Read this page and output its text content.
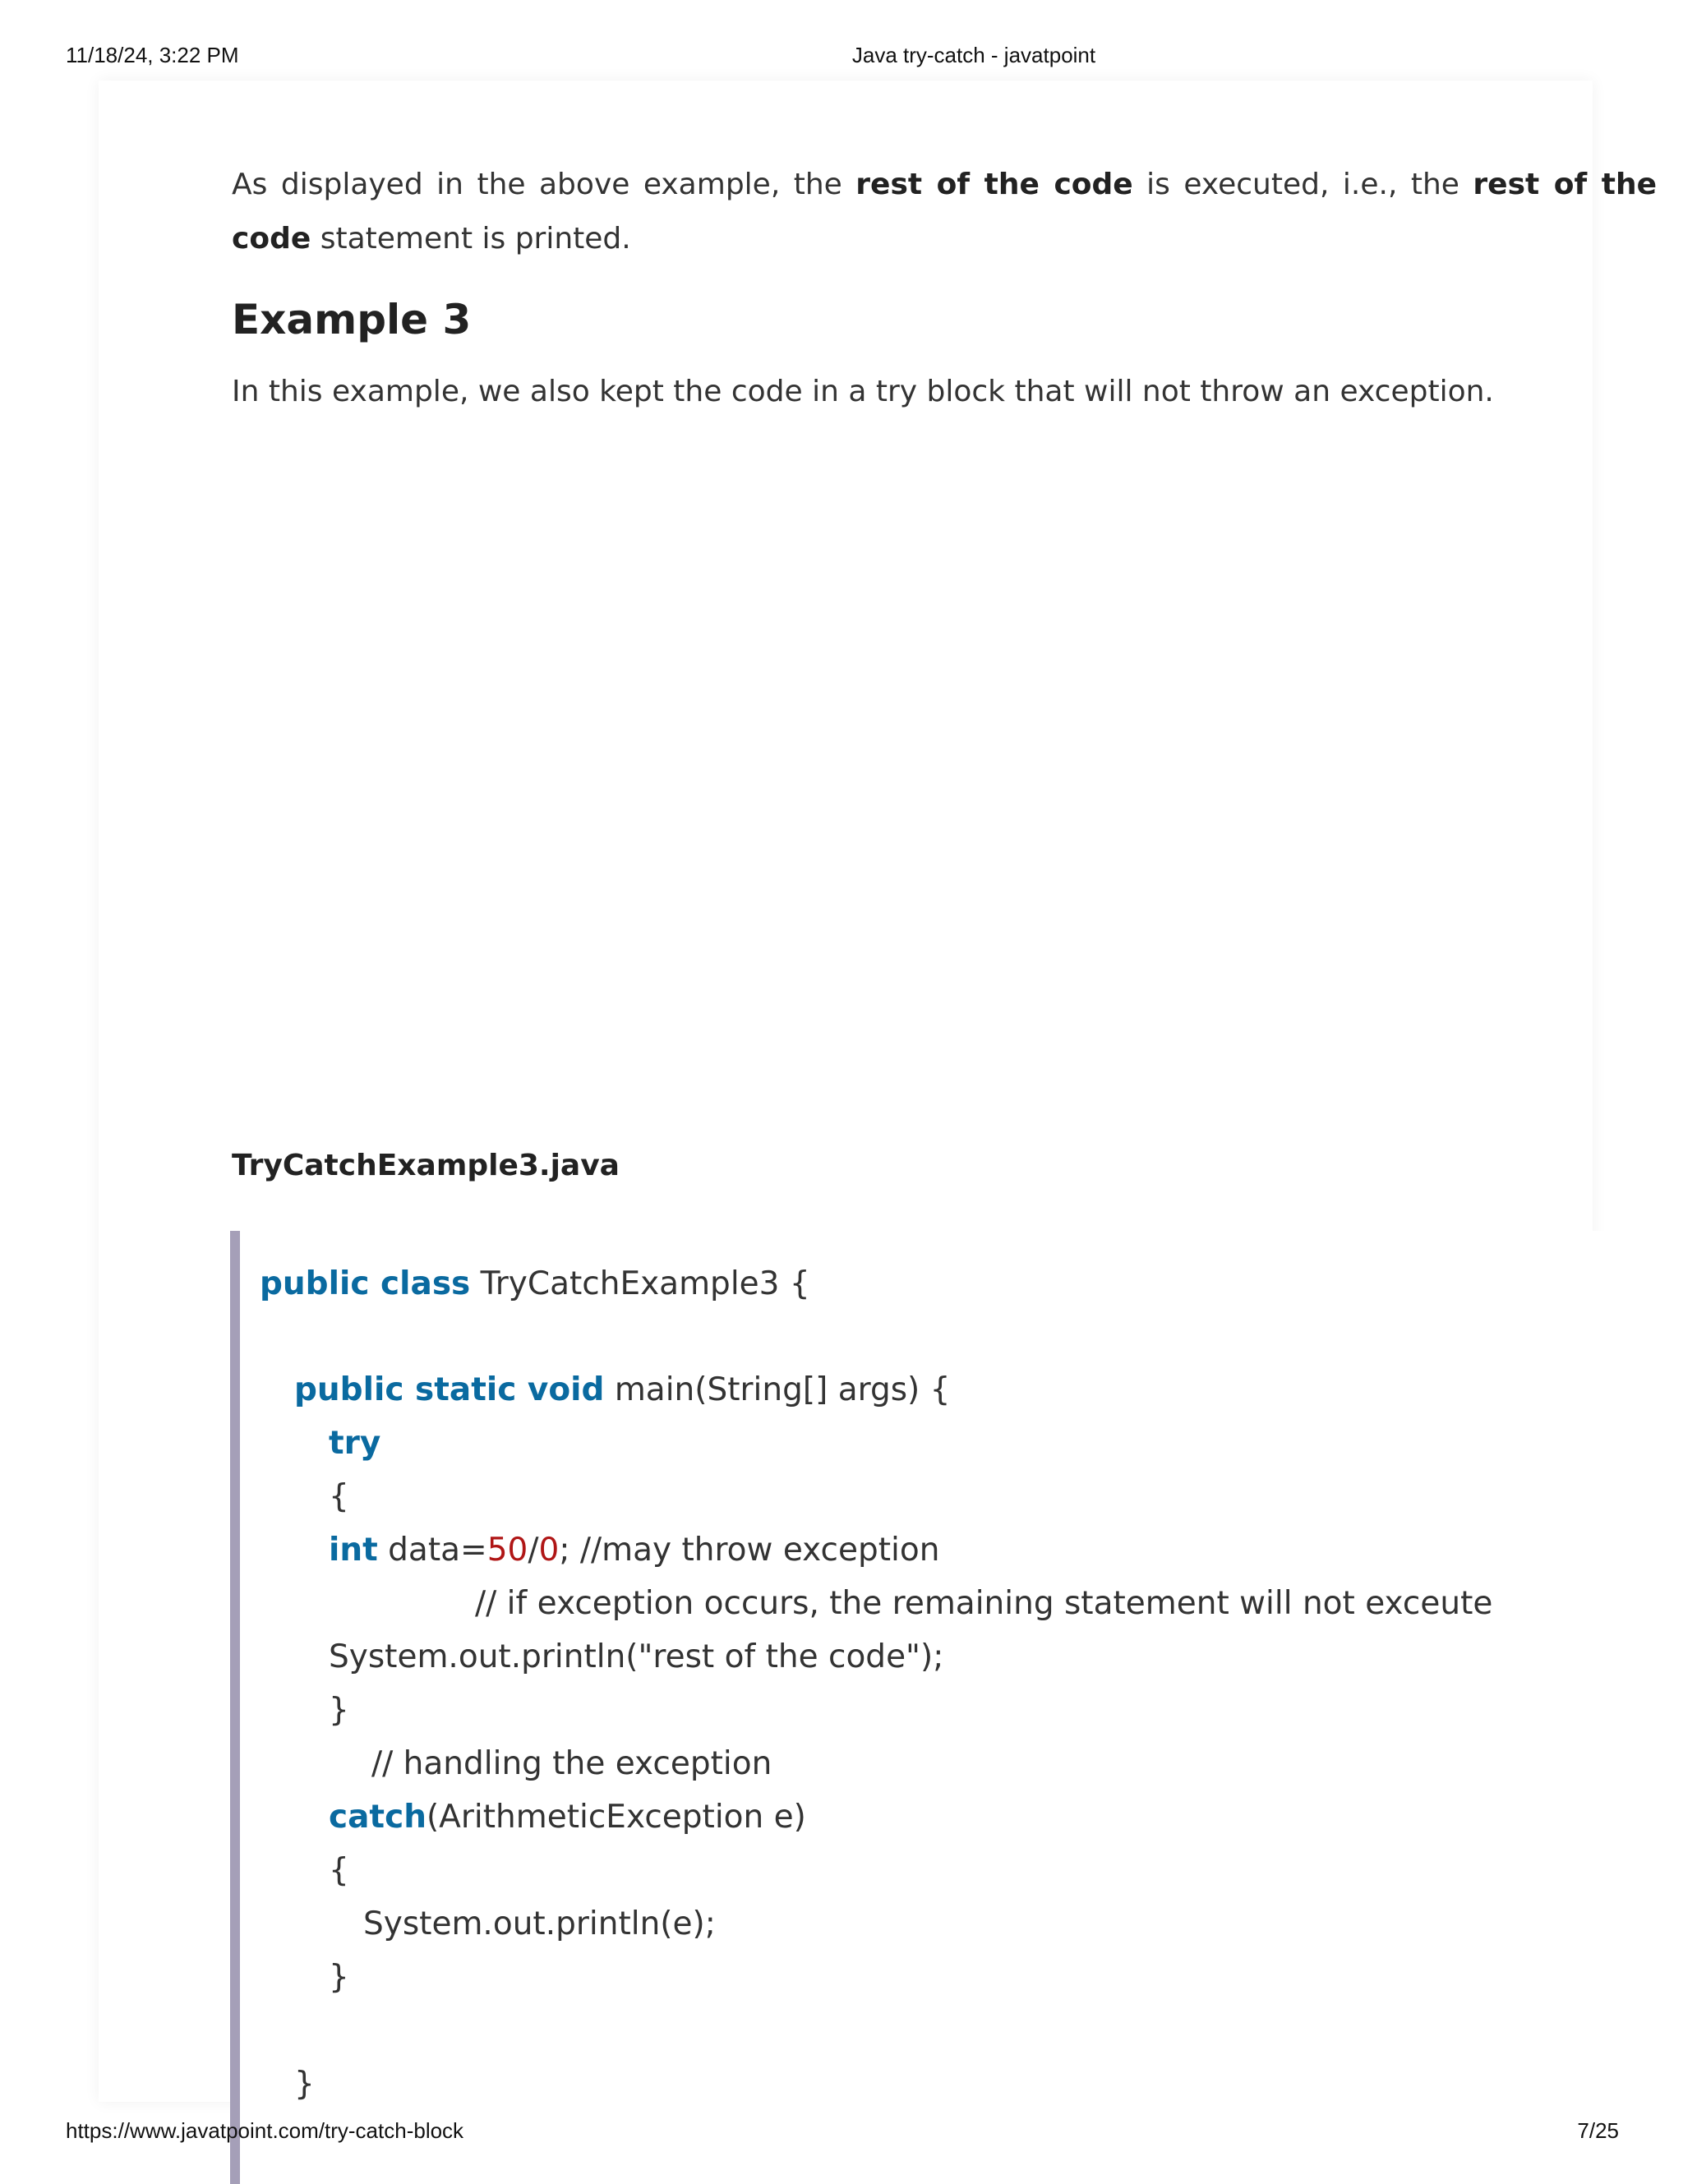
11/18/24, 3:22 PM	Java try-catch - javatpoint

As displayed in the above example, the rest of the code is executed, i.e., the rest of the
code statement is printed.

Example 3

In this example, we also kept the code in a try block that will not throw an exception.

TryCatchExample3.java
public class TryCatchExample3 {
public static void main(String[] args) {
try
{
int data=50/0; //may throw exception
// if exception occurs, the remaining statement will not exceute
System.out.println("rest of the code");
}
// handling the exception
catch(ArithmeticException e)
{
System.out.println(e);
}
}
https://www.javatpoint.com/try-catch-block	7/25
